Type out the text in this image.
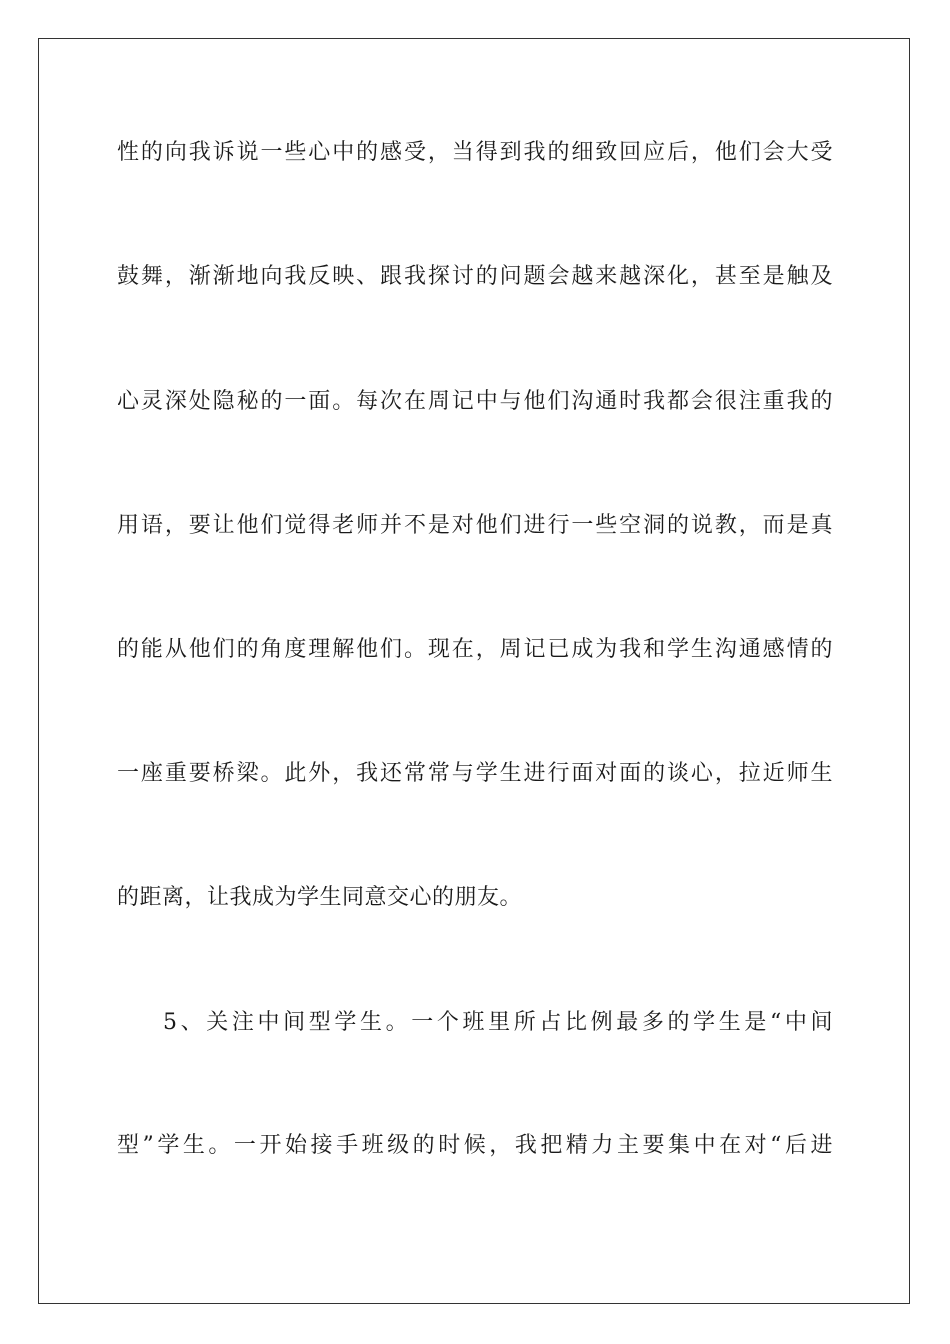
性的向我诉说一些心中的感受，当得到我的细致回应后，他们会大受
鼓舞，渐渐地向我反映、跟我探讨的问题会越来越深化，甚至是触及
心灵深处隐秘的一面。每次在周记中与他们沟通时我都会很注重我的
用语，要让他们觉得老师并不是对他们进行一些空洞的说教，而是真
的能从他们的角度理解他们。现在，周记已成为我和学生沟通感情的
一座重要桥梁。此外，我还常常与学生进行面对面的谈心，拉近师生
的距离，让我成为学生同意交心的朋友。
5、关注中间型学生。一个班里所占比例最多的学生是“中间
型”学生。一开始接手班级的时候，我把精力主要集中在对“后进
